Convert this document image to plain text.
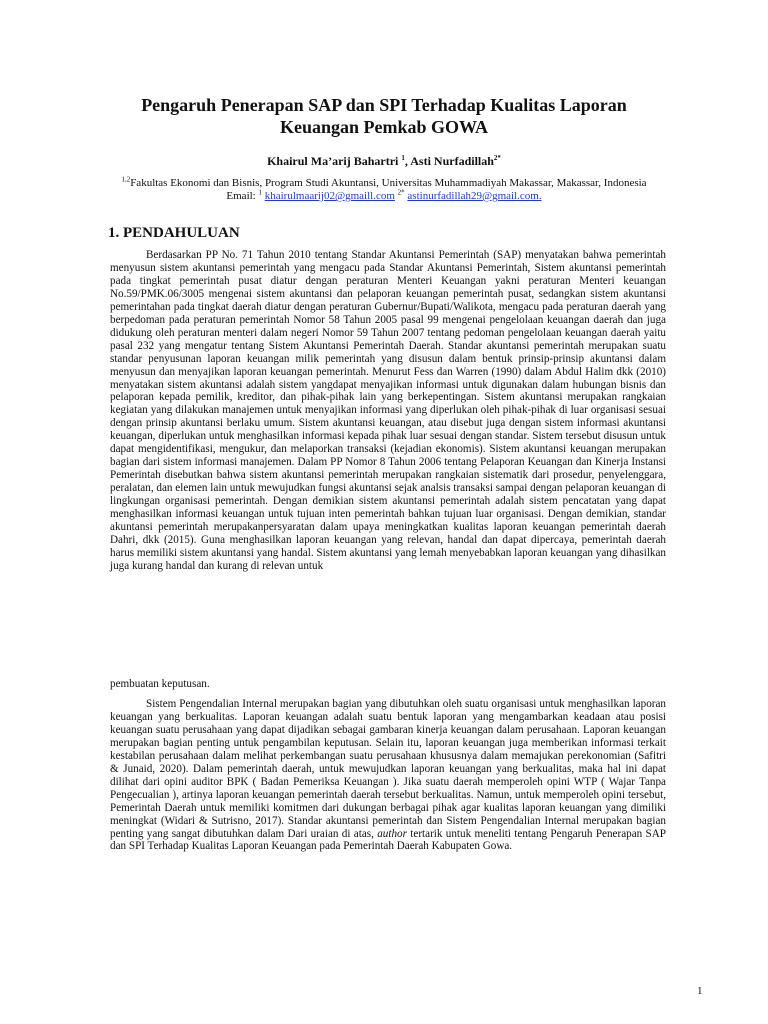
Pengaruh Penerapan SAP dan SPI Terhadap Kualitas Laporan Keuangan Pemkab GOWA
Khairul Ma’arij Bahartri $^1$, Asti Nurfadillah$^{2*}$
$^{1,2}$Fakultas Ekonomi dan Bisnis, Program Studi Akuntansi, Universitas Muhammadiyah Makassar, Makassar, Indonesia
Email: $^1$ khairulmaarij02@gmaill.com $^{2*}$ astinurfadillah29@gmail.com.
1. PENDAHULUAN

Berdasarkan PP No. 71 Tahun 2010 tentang Standar Akuntansi Pemerintah (SAP) menyatakan bahwa pemerintah menyusun sistem akuntansi pemerintah yang mengacu pada Standar Akuntansi Pemerintah, Sistem akuntansi pemerintah pada tingkat pemerintah pusat diatur dengan peraturan Menteri Keuangan yakni peraturan Menteri keuangan No.59/PMK.06/3005 mengenai sistem akuntansi dan pelaporan keuangan pemerintah pusat, sedangkan sistem akuntansi pemerintahan pada tingkat daerah diatur dengan peraturan Gubernur/Bupati/Walikota, mengacu pada peraturan daerah yang berpedoman pada peraturan pemerintah Nomor 58 Tahun 2005 pasal 99 mengenai pengelolaan keuangan daerah dan juga didukung oleh peraturan menteri dalam negeri Nomor 59 Tahun 2007 tentang pedoman pengelolaan keuangan daerah yaitu pasal 232 yang mengatur tentang Sistem Akuntansi Pemerintah Daerah. Standar akuntansi pemerintah merupakan suatu standar penyusunan laporan keuangan milik pemerintah yang disusun dalam bentuk prinsip-prinsip akuntansi dalam menyusun dan menyajikan laporan keuangan pemerintah. Menurut Fess dan Warren (1990) dalam Abdul Halim dkk (2010) menyatakan sistem akuntansi adalah sistem yangdapat menyajikan informasi untuk digunakan dalam hubungan bisnis dan pelaporan kepada pemilik, kreditor, dan pihak-pihak lain yang berkepentingan. Sistem akuntansi merupakan rangkaian kegiatan yang dilakukan manajemen untuk menyajikan informasi yang diperlukan oleh pihak-pihak di luar organisasi sesuai dengan prinsip akuntansi berlaku umum. Sistem akuntansi keuangan, atau disebut juga dengan sistem informasi akuntansi keuangan, diperlukan untuk menghasilkan informasi kepada pihak luar sesuai dengan standar. Sistem tersebut disusun untuk dapat mengidentifikasi, mengukur, dan melaporkan transaksi (kejadian ekonomis). Sistem akuntansi keuangan merupakan bagian dari sistem informasi manajemen. Dalam PP Nomor 8 Tahun 2006 tentang Pelaporan Keuangan dan Kinerja Instansi Pemerintah disebutkan bahwa sistem akuntansi pemerintah merupakan rangkaian sistematik dari prosedur, penyelenggara, peralatan, dan elemen lain untuk mewujudkan fungsi akuntansi sejak analsis transaksi sampai dengan pelaporan keuangan di lingkungan organisasi pemerintah. Dengan demikian sistem akuntansi pemerintah adalah sistem pencatatan yang dapat menghasilkan informasi keuangan untuk tujuan inten pemerintah bahkan tujuan luar organisasi. Dengan demikian, standar akuntansi pemerintah merupakanpersyaratan dalam upaya meningkatkan kualitas laporan keuangan pemerintah daerah Dahri, dkk (2015). Guna menghasilkan laporan keuangan yang relevan, handal dan dapat dipercaya, pemerintah daerah harus memiliki sistem akuntansi yang handal. Sistem akuntansi yang lemah menyebabkan laporan keuangan yang dihasilkan juga kurang handal dan kurang di relevan untuk

pembuatan keputusan.

Sistem Pengendalian Internal merupakan bagian yang dibutuhkan oleh suatu organisasi untuk menghasilkan laporan keuangan yang berkualitas. Laporan keuangan adalah suatu bentuk laporan yang mengambarkan keadaan atau posisi keuangan suatu perusahaan yang dapat dijadikan sebagai gambaran kinerja keuangan dalam perusahaan. Laporan keuangan merupakan bagian penting untuk pengambilan keputusan. Selain itu, laporan keuangan juga memberikan informasi terkait kestabilan perusahaan dalam melihat perkembangan suatu perusahaan khususnya dalam memajukan perekonomian (Safitri & Junaid, 2020). Dalam pemerintah daerah, untuk mewujudkan laporan keuangan yang berkualitas, maka hal ini dapat dilihat dari opini auditor BPK ( Badan Pemeriksa Keuangan ). Jika suatu daerah memperoleh opini WTP ( Wajar Tanpa Pengecualian ), artinya laporan keuangan pemerintah daerah tersebut berkualitas. Namun, untuk memperoleh opini tersebut, Pemerintah Daerah untuk memiliki komitmen dari dukungan berbagai pihak agar kualitas laporan keuangan yang dimiliki meningkat (Widari & Sutrisno, 2017). Standar akuntansi pemerintah dan Sistem Pengendalian Internal merupakan bagian penting yang sangat dibutuhkan dalam Dari uraian di atas, author tertarik untuk meneliti tentang Pengaruh Penerapan SAP dan SPI Terhadap Kualitas Laporan Keuangan pada Pemerintah Daerah Kabupaten Gowa.

1
